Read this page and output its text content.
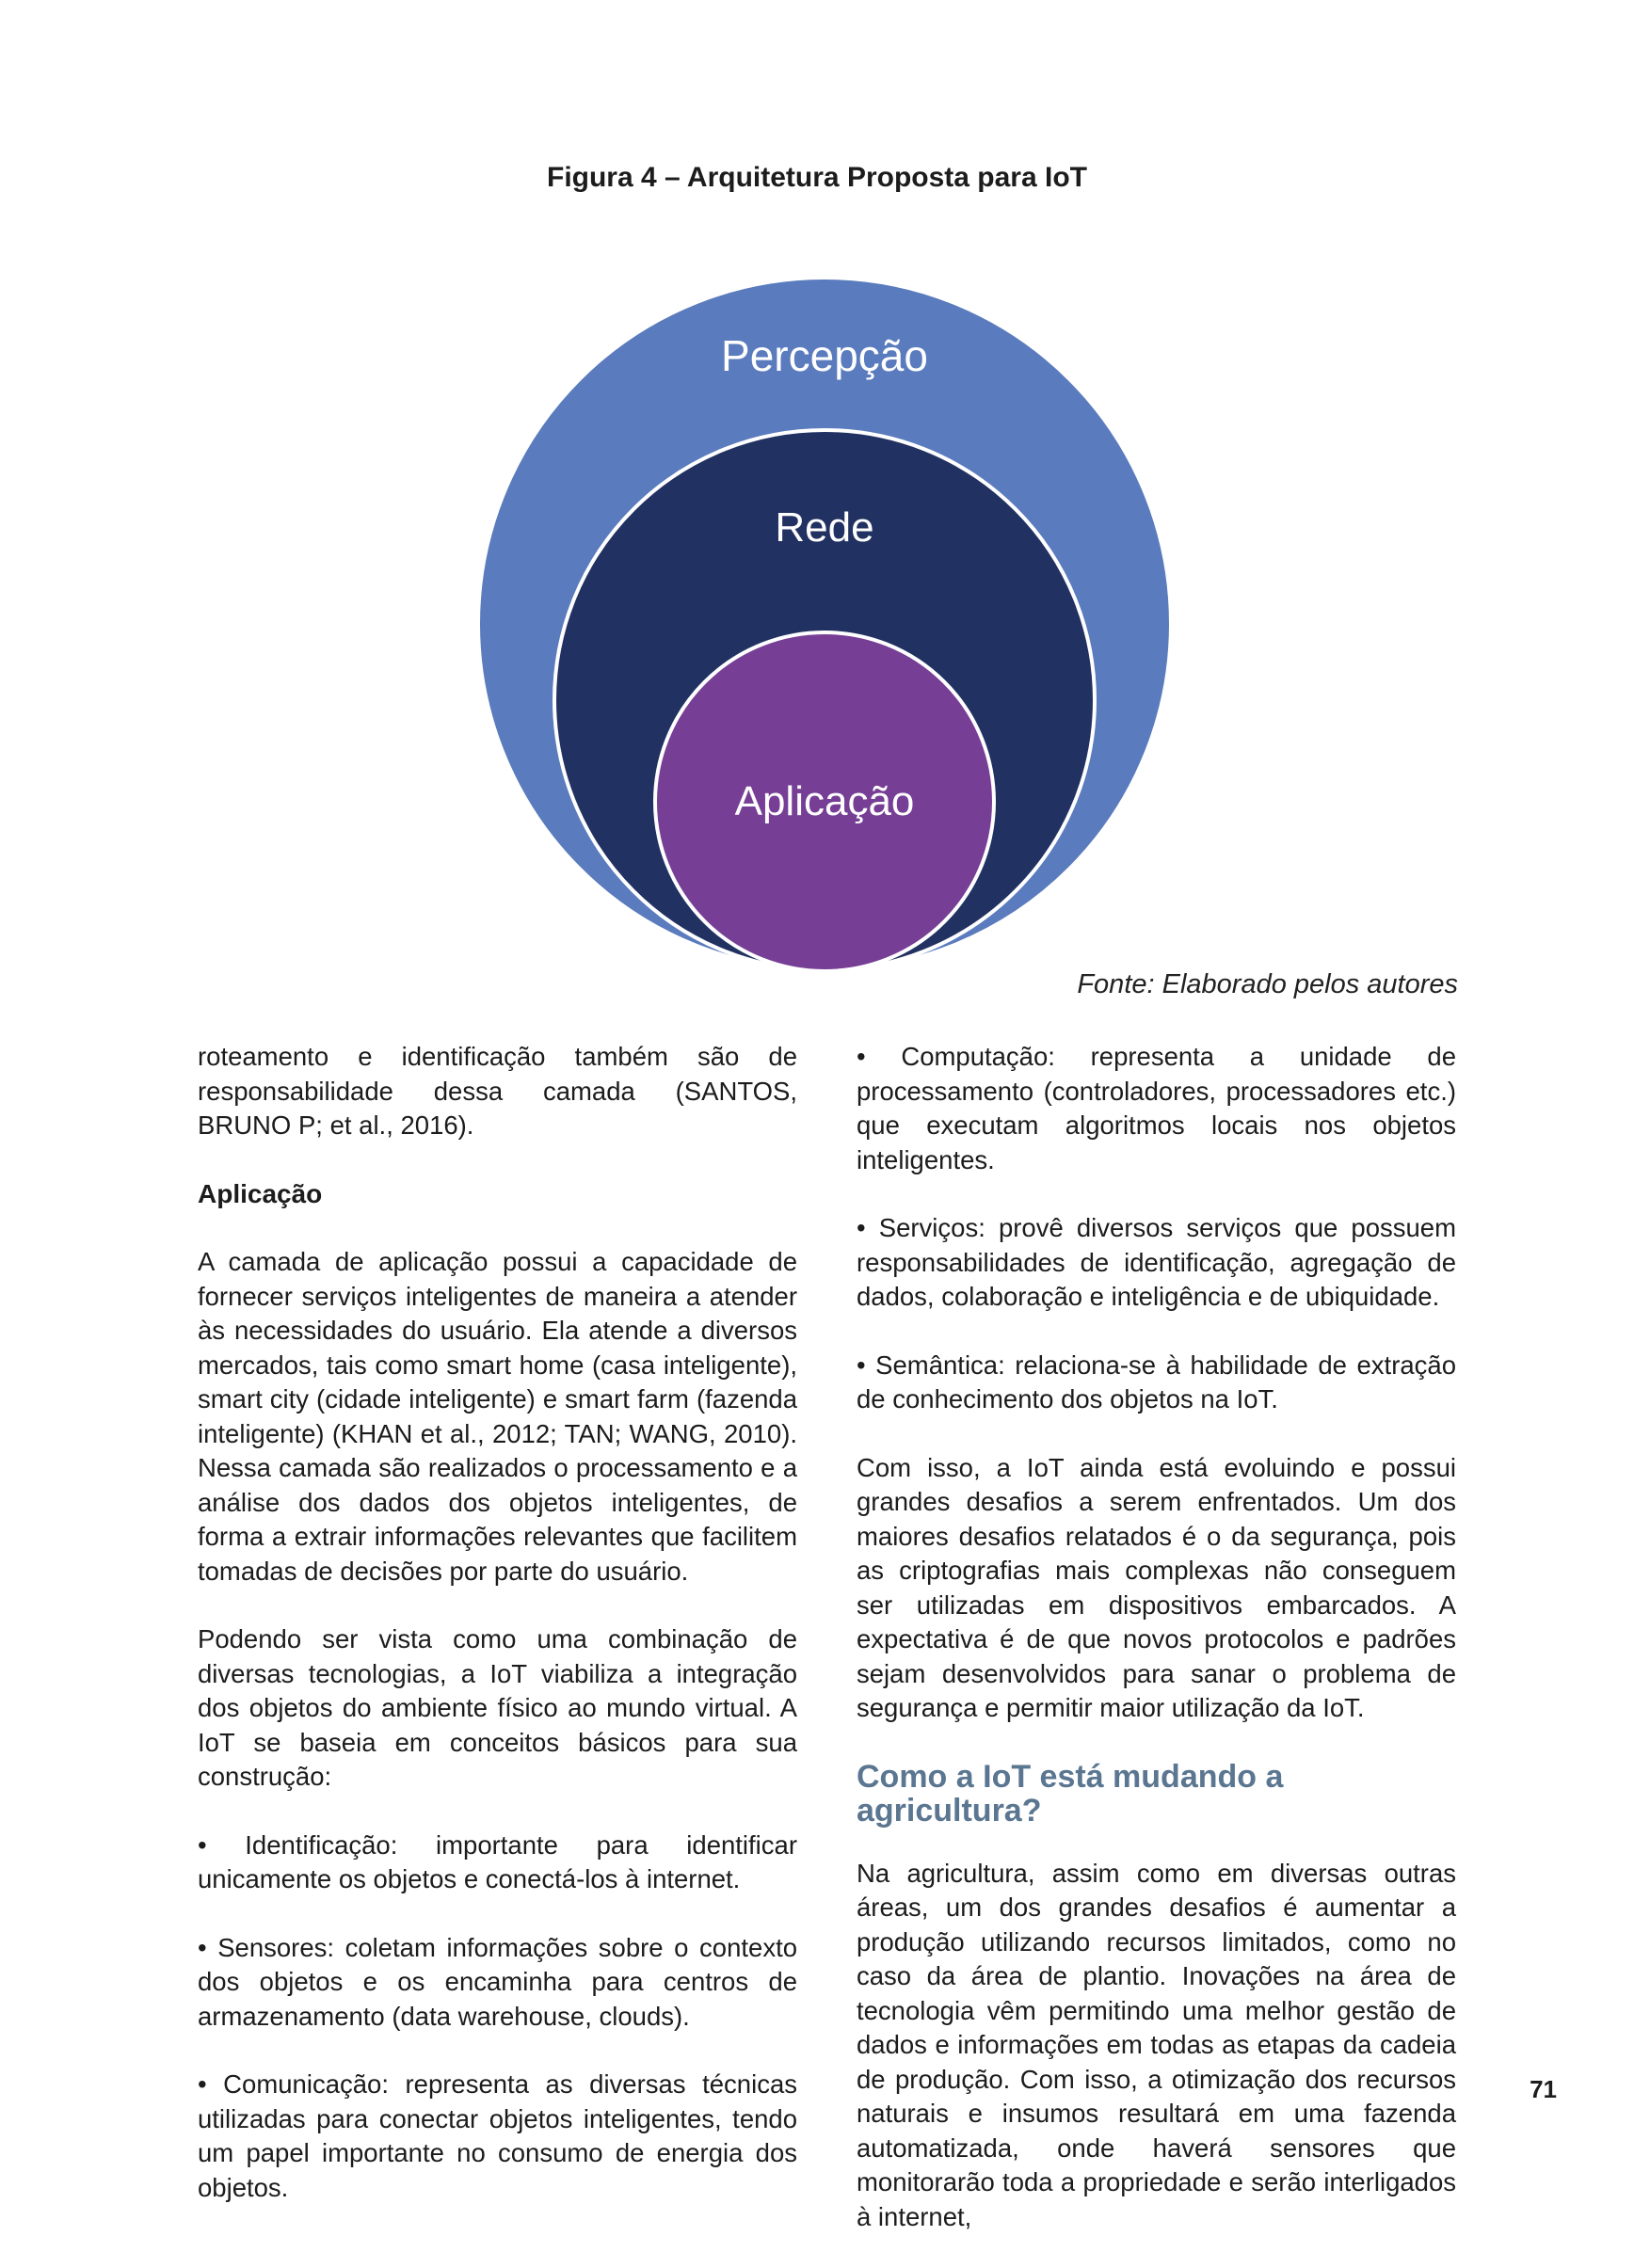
Figura 4 – Arquitetura Proposta para IoT
Percepção
Rede
Aplicação
Fonte: Elaborado pelos autores

roteamento e identificação também são de responsabilidade dessa camada (SANTOS, BRUNO P; et al., 2016).

Aplicação

A camada de aplicação possui a capacidade de fornecer serviços inteligentes de maneira a atender às necessidades do usuário. Ela atende a diversos mercados, tais como smart home (casa inteligente), smart city (cidade inteligente) e smart farm (fazenda inteligente) (KHAN et al., 2012; TAN; WANG, 2010). Nessa camada são realizados o processamento e a análise dos dados dos objetos inteligentes, de forma a extrair informações relevantes que facilitem tomadas de decisões por parte do usuário.

Podendo ser vista como uma combinação de diversas tecnologias, a IoT viabiliza a integração dos objetos do ambiente físico ao mundo virtual. A IoT se baseia em conceitos básicos para sua construção:

• Identificação: importante para identificar unicamente os objetos e conectá-los à internet.

• Sensores: coletam informações sobre o contexto dos objetos e os encaminha para centros de armazenamento (data warehouse, clouds).

• Comunicação: representa as diversas técnicas utilizadas para conectar objetos inteligentes, tendo um papel importante no consumo de energia dos objetos.

• Computação: representa a unidade de processamento (controladores, processadores etc.) que executam algoritmos locais nos objetos inteligentes.

• Serviços: provê diversos serviços que possuem responsabilidades de identificação, agregação de dados, colaboração e inteligência e de ubiquidade.

• Semântica: relaciona-se à habilidade de extração de conhecimento dos objetos na IoT.

Com isso, a IoT ainda está evoluindo e possui grandes desafios a serem enfrentados. Um dos maiores desafios relatados é o da segurança, pois as criptografias mais complexas não conseguem ser utilizadas em dispositivos embarcados. A expectativa é de que novos protocolos e padrões sejam desenvolvidos para sanar o problema de segurança e permitir maior utilização da IoT.

Como a IoT está mudando a agricultura?

Na agricultura, assim como em diversas outras áreas, um dos grandes desafios é aumentar a produção utilizando recursos limitados, como no caso da área de plantio. Inovações na área de tecnologia vêm permitindo uma melhor gestão de dados e informações em todas as etapas da cadeia de produção. Com isso, a otimização dos recursos naturais e insumos resultará em uma fazenda automatizada, onde haverá sensores que monitorarão toda a propriedade e serão interligados à internet,

71
